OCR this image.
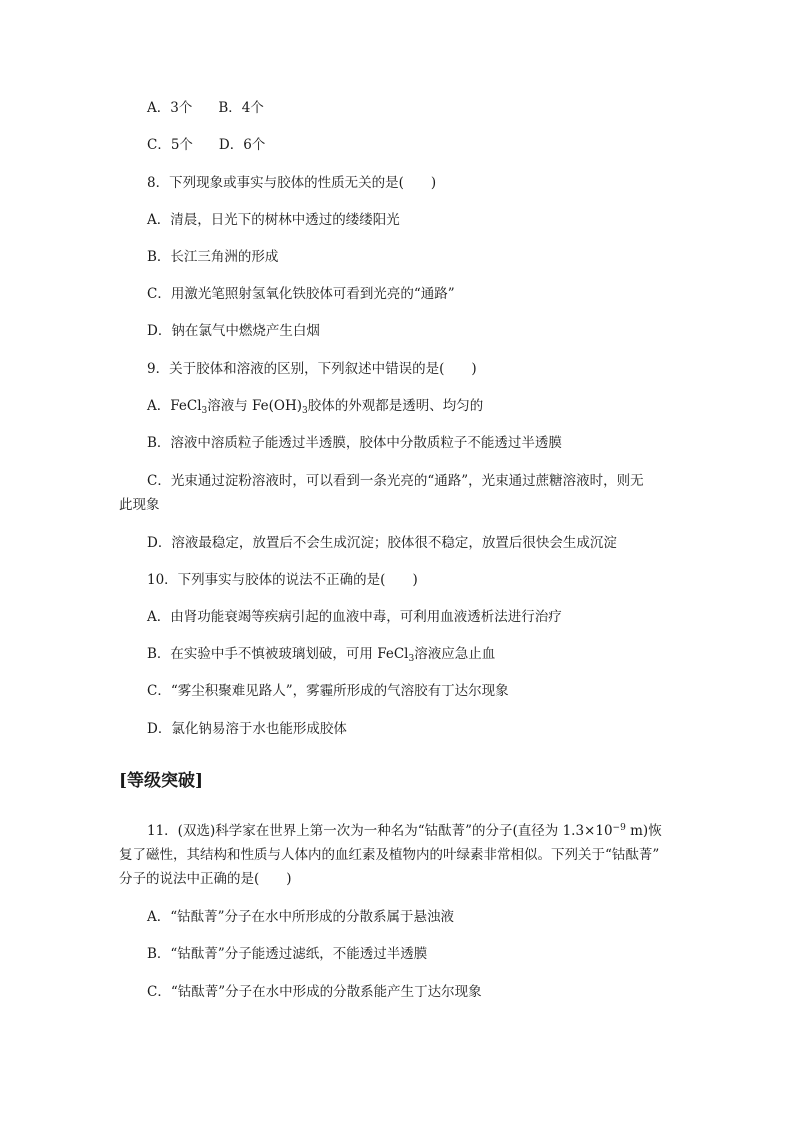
A．3个 B．4个
C．5个 D．6个
8．下列现象或事实与胶体的性质无关的是(　　)
A．清晨，日光下的树林中透过的缕缕阳光
B．长江三角洲的形成
C．用激光笔照射氢氧化铁胶体可看到光亮的“通路”
D．钠在氯气中燃烧产生白烟
9．关于胶体和溶液的区别，下列叙述中错误的是(　　)
A．FeCl$_3$溶液与 $Fe(OH)_3$胶体的外观都是透明、均匀的
B．溶液中溶质粒子能透过半透膜，胶体中分散质粒子不能透过半透膜
C．光束通过淀粉溶液时，可以看到一条光亮的“通路”，光束通过蔗糖溶液时，则无
此现象
D．溶液最稳定，放置后不会生成沉淀；胶体很不稳定，放置后很快会生成沉淀
10．下列事实与胶体的说法不正确的是(　　)
A．由肾功能衰竭等疾病引起的血液中毒，可利用血液透析法进行治疗
B．在实验中手不慎被玻璃划破，可用 FeCl$_3$溶液应急止血
C．“雾尘积聚难见路人”，雾霾所形成的气溶胶有丁达尔现象
D．氯化钠易溶于水也能形成胶体
[等级突破]
11．(双选)科学家在世界上第一次为一种名为“钴酞菁”的分子(直径为 $1.3\times 10^{-9}$ m)恢
复了磁性，其结构和性质与人体内的血红素及植物内的叶绿素非常相似。下列关于“钴酞菁”
分子的说法中正确的是(　　)
A．“钴酞菁”分子在水中所形成的分散系属于悬浊液
B．“钴酞菁”分子能透过滤纸，不能透过半透膜
C．“钴酞菁”分子在水中形成的分散系能产生丁达尔现象
